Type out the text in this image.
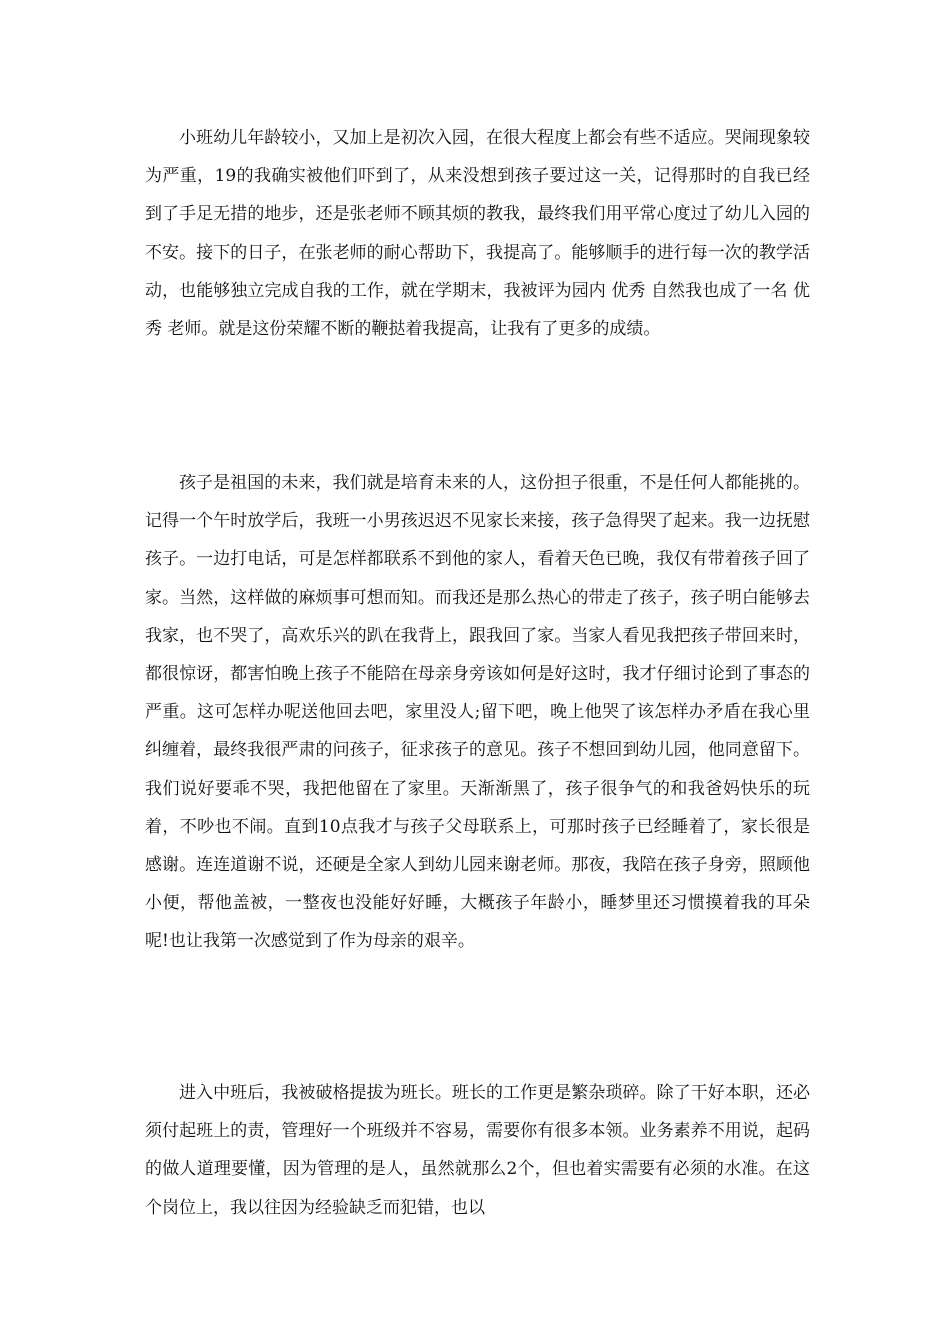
小班幼儿年龄较小，又加上是初次入园，在很大程度上都会有些不适应。哭闹现象较为严重，19的我确实被他们吓到了，从来没想到孩子要过这一关，记得那时的自我已经到了手足无措的地步，还是张老师不顾其烦的教我，最终我们用平常心度过了幼儿入园的不安。接下的日子，在张老师的耐心帮助下，我提高了。能够顺手的进行每一次的教学活动，也能够独立完成自我的工作，就在学期末，我被评为园内 优秀 自然我也成了一名 优秀 老师。就是这份荣耀不断的鞭挞着我提高，让我有了更多的成绩。

孩子是祖国的未来，我们就是培育未来的人，这份担子很重，不是任何人都能挑的。记得一个午时放学后，我班一小男孩迟迟不见家长来接，孩子急得哭了起来。我一边抚慰孩子。一边打电话，可是怎样都联系不到他的家人，看着天色已晚，我仅有带着孩子回了家。当然，这样做的麻烦事可想而知。而我还是那么热心的带走了孩子，孩子明白能够去我家，也不哭了，高欢乐兴的趴在我背上，跟我回了家。当家人看见我把孩子带回来时，都很惊讶，都害怕晚上孩子不能陪在母亲身旁该如何是好这时，我才仔细讨论到了事态的严重。这可怎样办呢送他回去吧，家里没人;留下吧，晚上他哭了该怎样办矛盾在我心里纠缠着，最终我很严肃的问孩子，征求孩子的意见。孩子不想回到幼儿园，他同意留下。我们说好要乖不哭，我把他留在了家里。天渐渐黑了，孩子很争气的和我爸妈快乐的玩着，不吵也不闹。直到10点我才与孩子父母联系上，可那时孩子已经睡着了，家长很是感谢。连连道谢不说，还硬是全家人到幼儿园来谢老师。那夜，我陪在孩子身旁，照顾他小便，帮他盖被，一整夜也没能好好睡，大概孩子年龄小，睡梦里还习惯摸着我的耳朵呢!也让我第一次感觉到了作为母亲的艰辛。

进入中班后，我被破格提拔为班长。班长的工作更是繁杂琐碎。除了干好本职，还必须付起班上的责，管理好一个班级并不容易，需要你有很多本领。业务素养不用说，起码的做人道理要懂，因为管理的是人，虽然就那么2个，但也着实需要有必须的水准。在这个岗位上，我以往因为经验缺乏而犯错，也以
